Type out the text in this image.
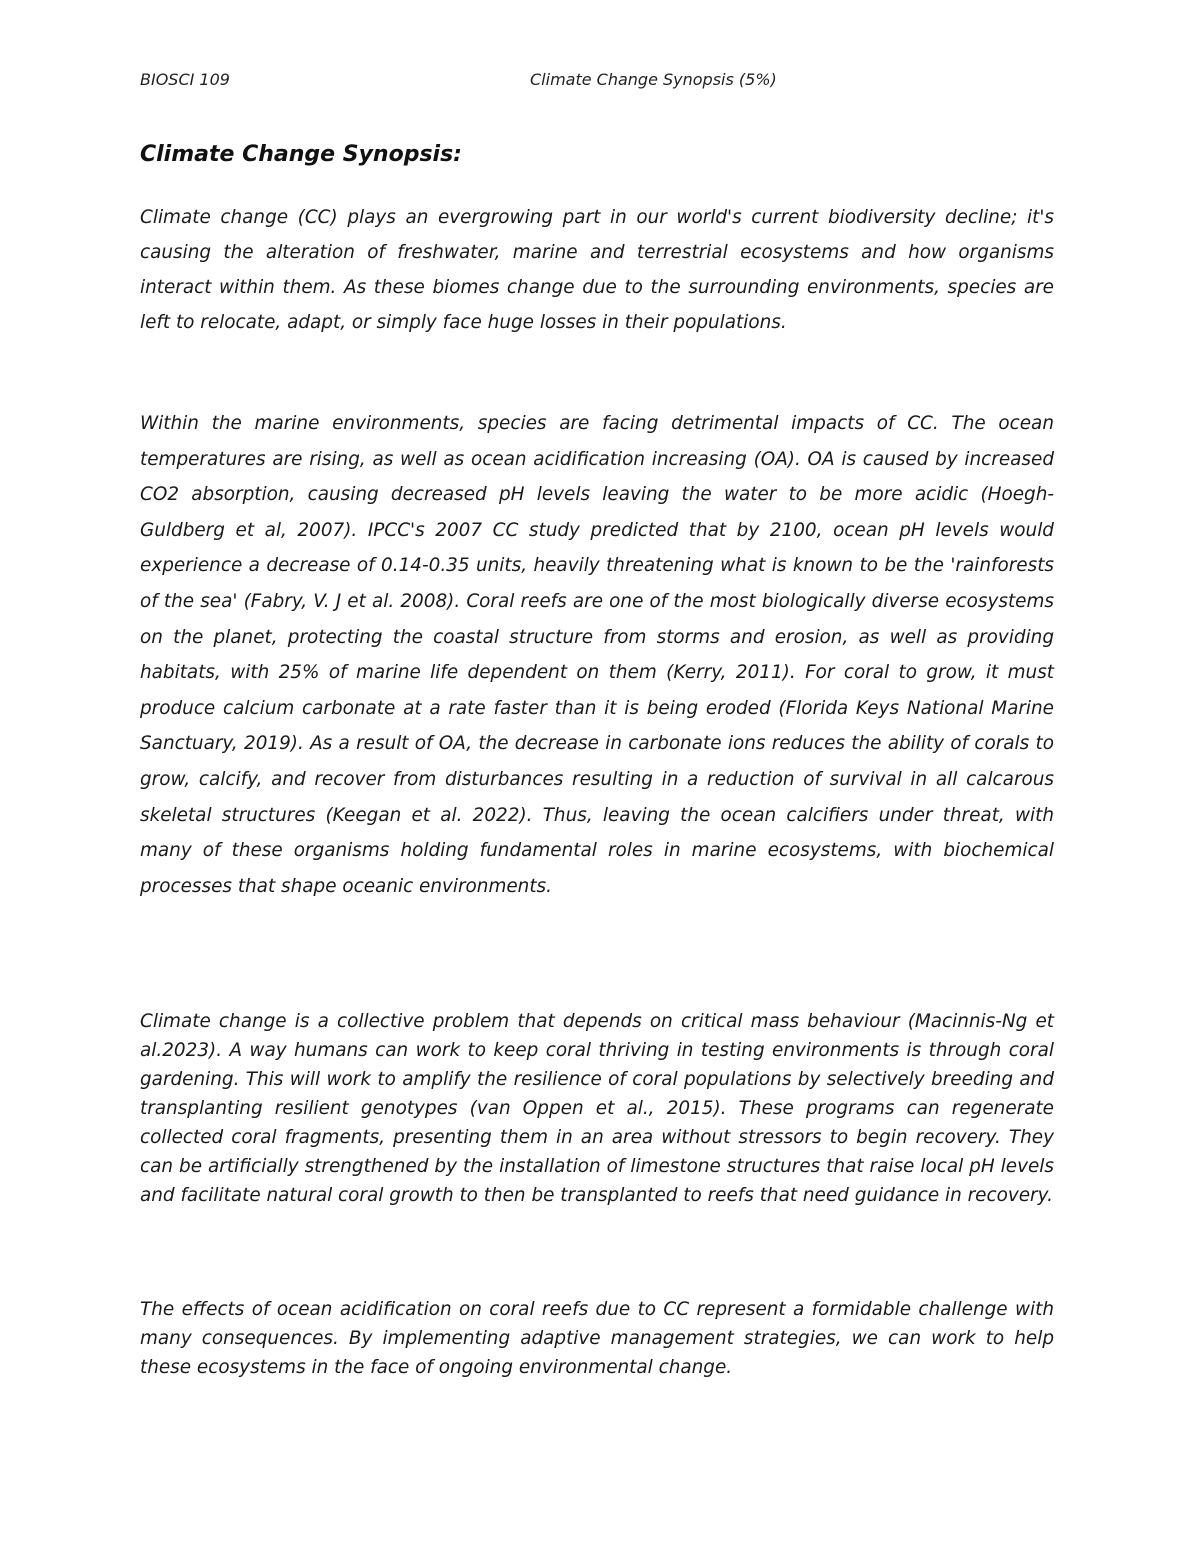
BIOSCI 109	Climate Change Synopsis (5%)
Climate Change Synopsis:

Climate change (CC) plays an evergrowing part in our world's current biodiversity decline; it's causing the alteration of freshwater, marine and terrestrial ecosystems and how organisms interact within them. As these biomes change due to the surrounding environments, species are left to relocate, adapt, or simply face huge losses in their populations.

Within the marine environments, species are facing detrimental impacts of CC. The ocean temperatures are rising, as well as ocean acidification increasing (OA). OA is caused by increased CO2 absorption, causing decreased pH levels leaving the water to be more acidic (Hoegh-Guldberg et al, 2007). IPCC's 2007 CC study predicted that by 2100, ocean pH levels would experience a decrease of 0.14-0.35 units, heavily threatening what is known to be the 'rainforests of the sea' (Fabry, V. J et al. 2008). Coral reefs are one of the most biologically diverse ecosystems on the planet, protecting the coastal structure from storms and erosion, as well as providing habitats, with 25% of marine life dependent on them (Kerry, 2011). For coral to grow, it must produce calcium carbonate at a rate faster than it is being eroded (Florida Keys National Marine Sanctuary, 2019). As a result of OA, the decrease in carbonate ions reduces the ability of corals to grow, calcify, and recover from disturbances resulting in a reduction of survival in all calcarous skeletal structures (Keegan et al. 2022). Thus, leaving the ocean calcifiers under threat, with many of these organisms holding fundamental roles in marine ecosystems, with biochemical processes that shape oceanic environments.

Climate change is a collective problem that depends on critical mass behaviour (Macinnis-Ng et al.2023). A way humans can work to keep coral thriving in testing environments is through coral gardening. This will work to amplify the resilience of coral populations by selectively breeding and transplanting resilient genotypes (van Oppen et al., 2015). These programs can regenerate collected coral fragments, presenting them in an area without stressors to begin recovery. They can be artificially strengthened by the installation of limestone structures that raise local pH levels and facilitate natural coral growth to then be transplanted to reefs that need guidance in recovery.

The effects of ocean acidification on coral reefs due to CC represent a formidable challenge with many consequences. By implementing adaptive management strategies, we can work to help these ecosystems in the face of ongoing environmental change.
